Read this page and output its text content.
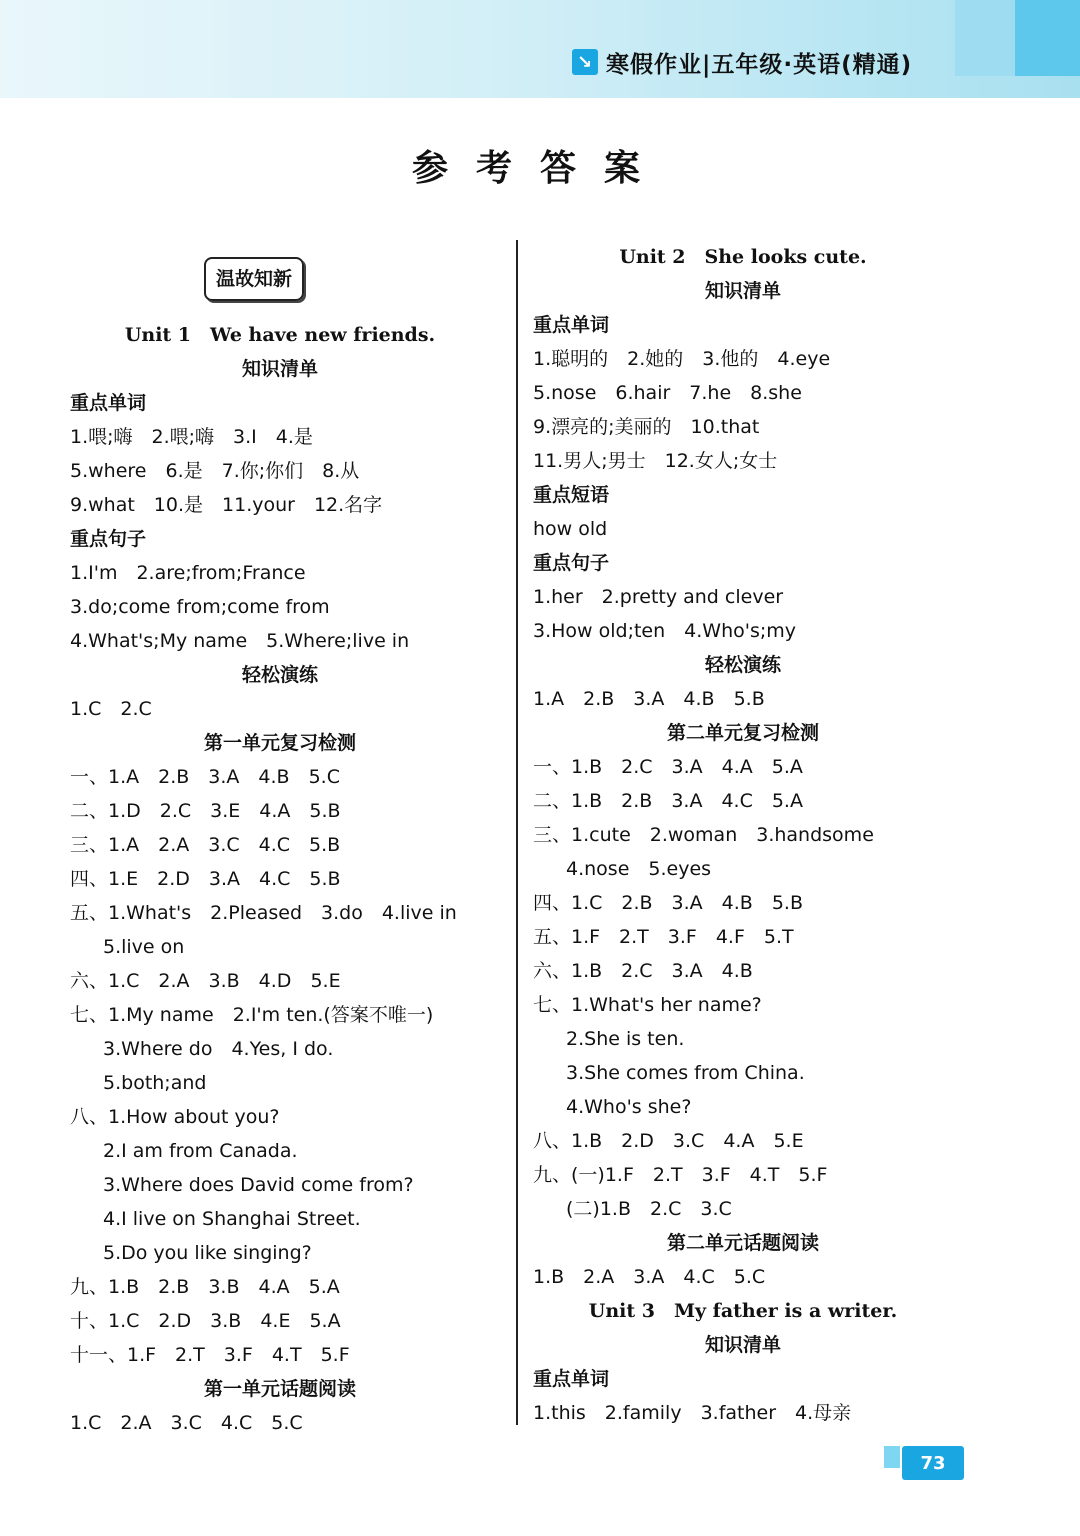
↘ 寒假作业|五年级·英语(精通)
参考答案
温故知新
Unit 1　We have new friends.
知识清单
重点单词
1.喂;嗨　2.喂;嗨　3.I　4.是
5.where　6.是　7.你;你们　8.从
9.what　10.是　11.your　12.名字
重点句子
1.I'm　2.are;from;France
3.do;come from;come from
4.What's;My name　5.Where;live in
轻松演练
1.C　2.C
第一单元复习检测
一、1.A　2.B　3.A　4.B　5.C
二、1.D　2.C　3.E　4.A　5.B
三、1.A　2.A　3.C　4.C　5.B
四、1.E　2.D　3.A　4.C　5.B
五、1.What's　2.Pleased　3.do　4.live in
5.live on
六、1.C　2.A　3.B　4.D　5.E
七、1.My name　2.I'm ten.(答案不唯一)
3.Where do　4.Yes, I do.
5.both;and
八、1.How about you?
2.I am from Canada.
3.Where does David come from?
4.I live on Shanghai Street.
5.Do you like singing?
九、1.B　2.B　3.B　4.A　5.A
十、1.C　2.D　3.B　4.E　5.A
十一、1.F　2.T　3.F　4.T　5.F
第一单元话题阅读
1.C　2.A　3.C　4.C　5.C
Unit 2　She looks cute.
知识清单
重点单词
1.聪明的　2.她的　3.他的　4.eye
5.nose　6.hair　7.he　8.she
9.漂亮的;美丽的　10.that
11.男人;男士　12.女人;女士
重点短语
how old
重点句子
1.her　2.pretty and clever
3.How old;ten　4.Who's;my
轻松演练
1.A　2.B　3.A　4.B　5.B
第二单元复习检测
一、1.B　2.C　3.A　4.A　5.A
二、1.B　2.B　3.A　4.C　5.A
三、1.cute　2.woman　3.handsome
4.nose　5.eyes
四、1.C　2.B　3.A　4.B　5.B
五、1.F　2.T　3.F　4.F　5.T
六、1.B　2.C　3.A　4.B
七、1.What's her name?
2.She is ten.
3.She comes from China.
4.Who's she?
八、1.B　2.D　3.C　4.A　5.E
九、(一)1.F　2.T　3.F　4.T　5.F
(二)1.B　2.C　3.C
第二单元话题阅读
1.B　2.A　3.A　4.C　5.C
Unit 3　My father is a writer.
知识清单
重点单词
1.this　2.family　3.father　4.母亲
73
